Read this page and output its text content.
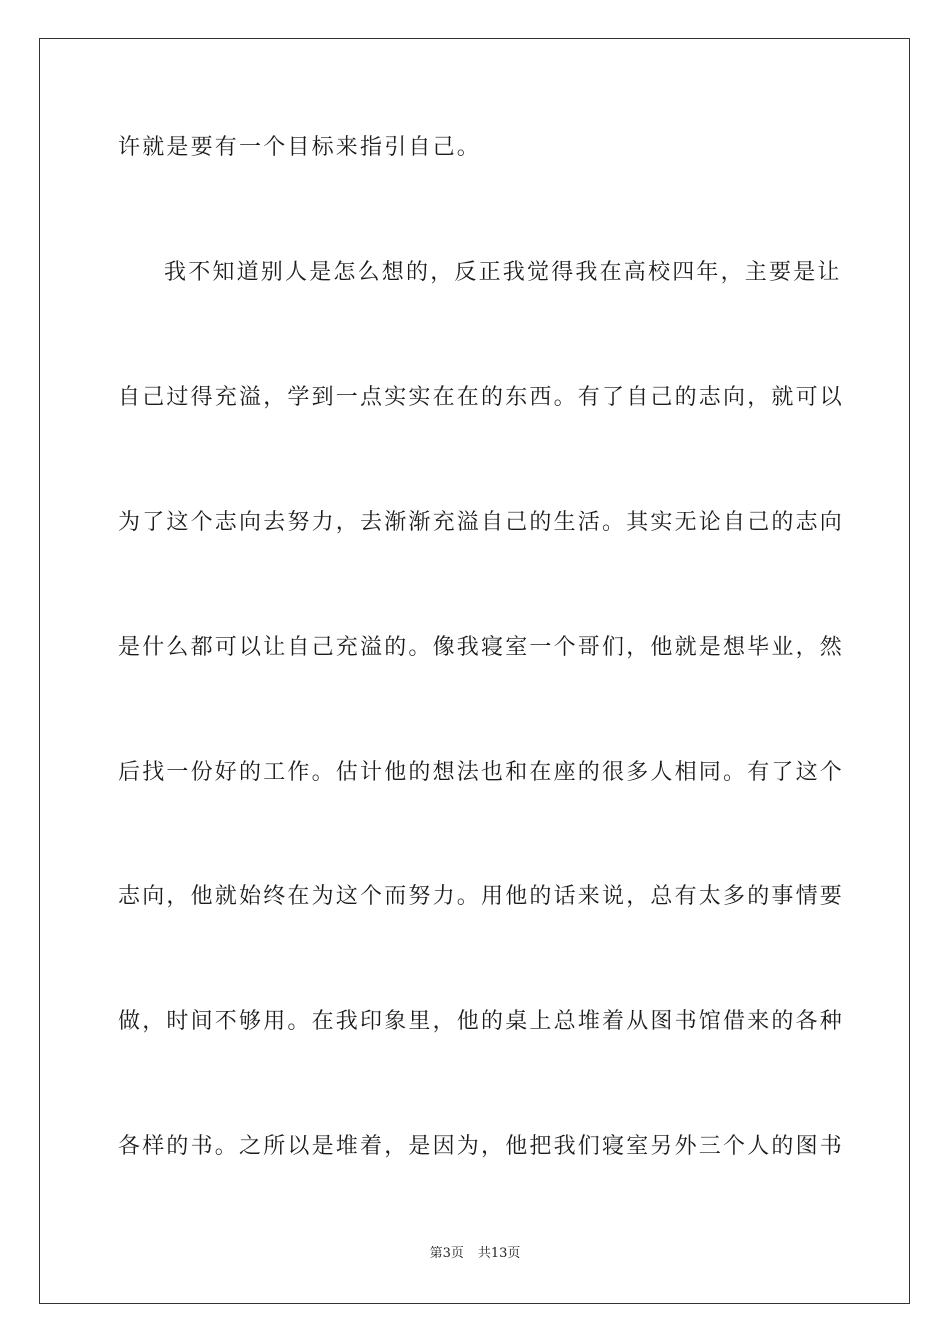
许就是要有一个目标来指引自己。
我不知道别人是怎么想的，反正我觉得我在高校四年，主要是让
自己过得充溢，学到一点实实在在的东西。有了自己的志向，就可以
为了这个志向去努力，去渐渐充溢自己的生活。其实无论自己的志向
是什么都可以让自己充溢的。像我寝室一个哥们，他就是想毕业，然
后找一份好的工作。估计他的想法也和在座的很多人相同。有了这个
志向，他就始终在为这个而努力。用他的话来说，总有太多的事情要
做，时间不够用。在我印象里，他的桌上总堆着从图书馆借来的各种
各样的书。之所以是堆着，是因为，他把我们寝室另外三个人的图书
第3页 共13页
